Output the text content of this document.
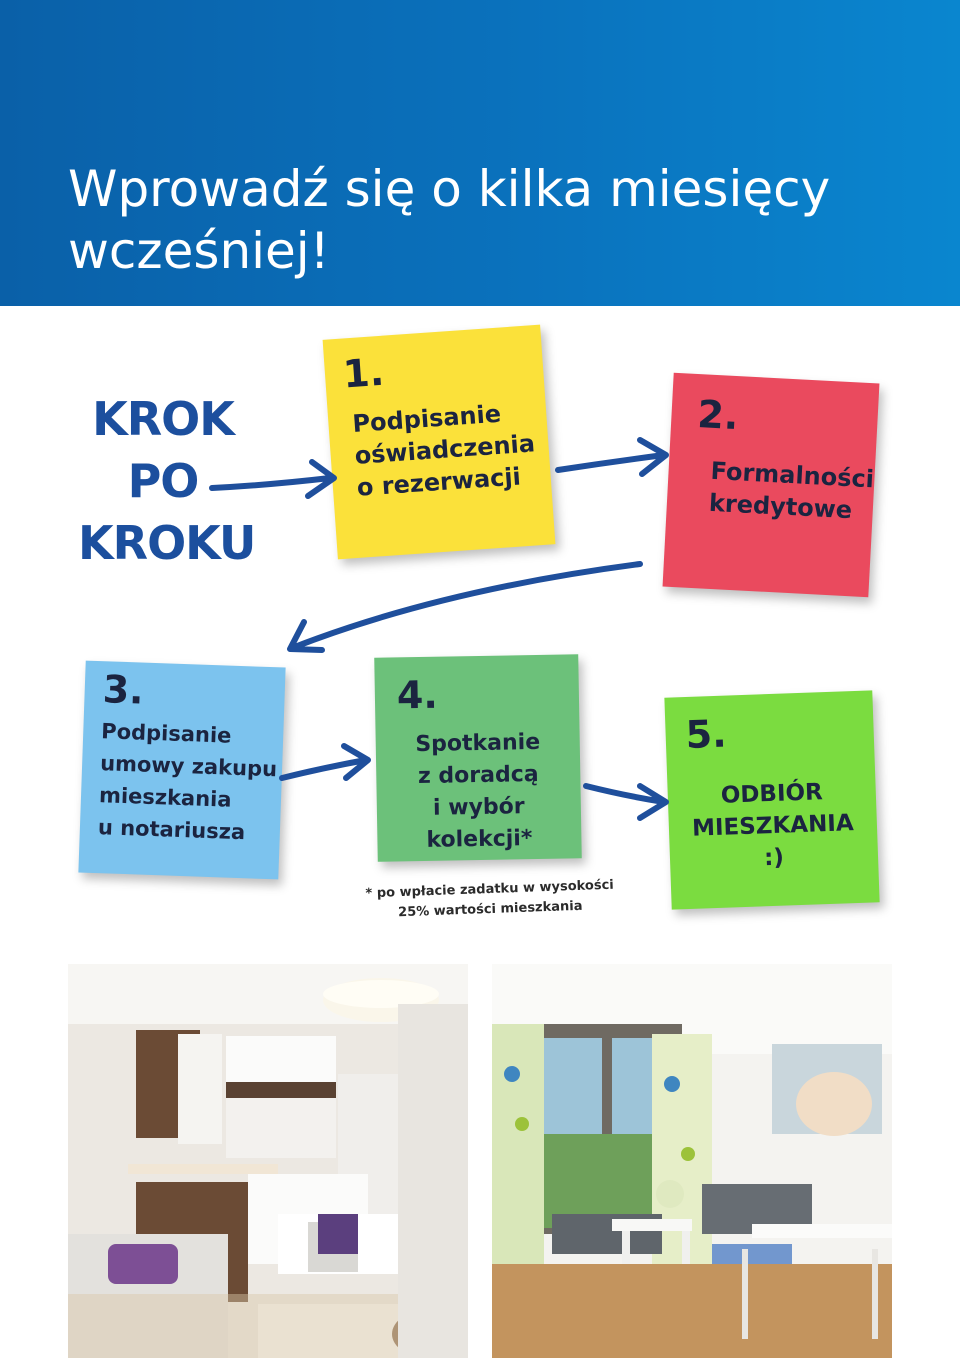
Wprowadź się o kilka miesięcy
wcześniej!
KROK
PO
KROKU
1.
Podpisanie
oświadczenia
o rezerwacji
2.
Formalności
kredytowe
3.
Podpisanie
umowy zakupu
mieszkania
u notariusza
4.
Spotkanie
z doradcą
i wybór kolekcji*
5.
ODBIÓR
MIESZKANIA
:)
* po wpłacie zadatku w wysokości
25% wartości mieszkania
